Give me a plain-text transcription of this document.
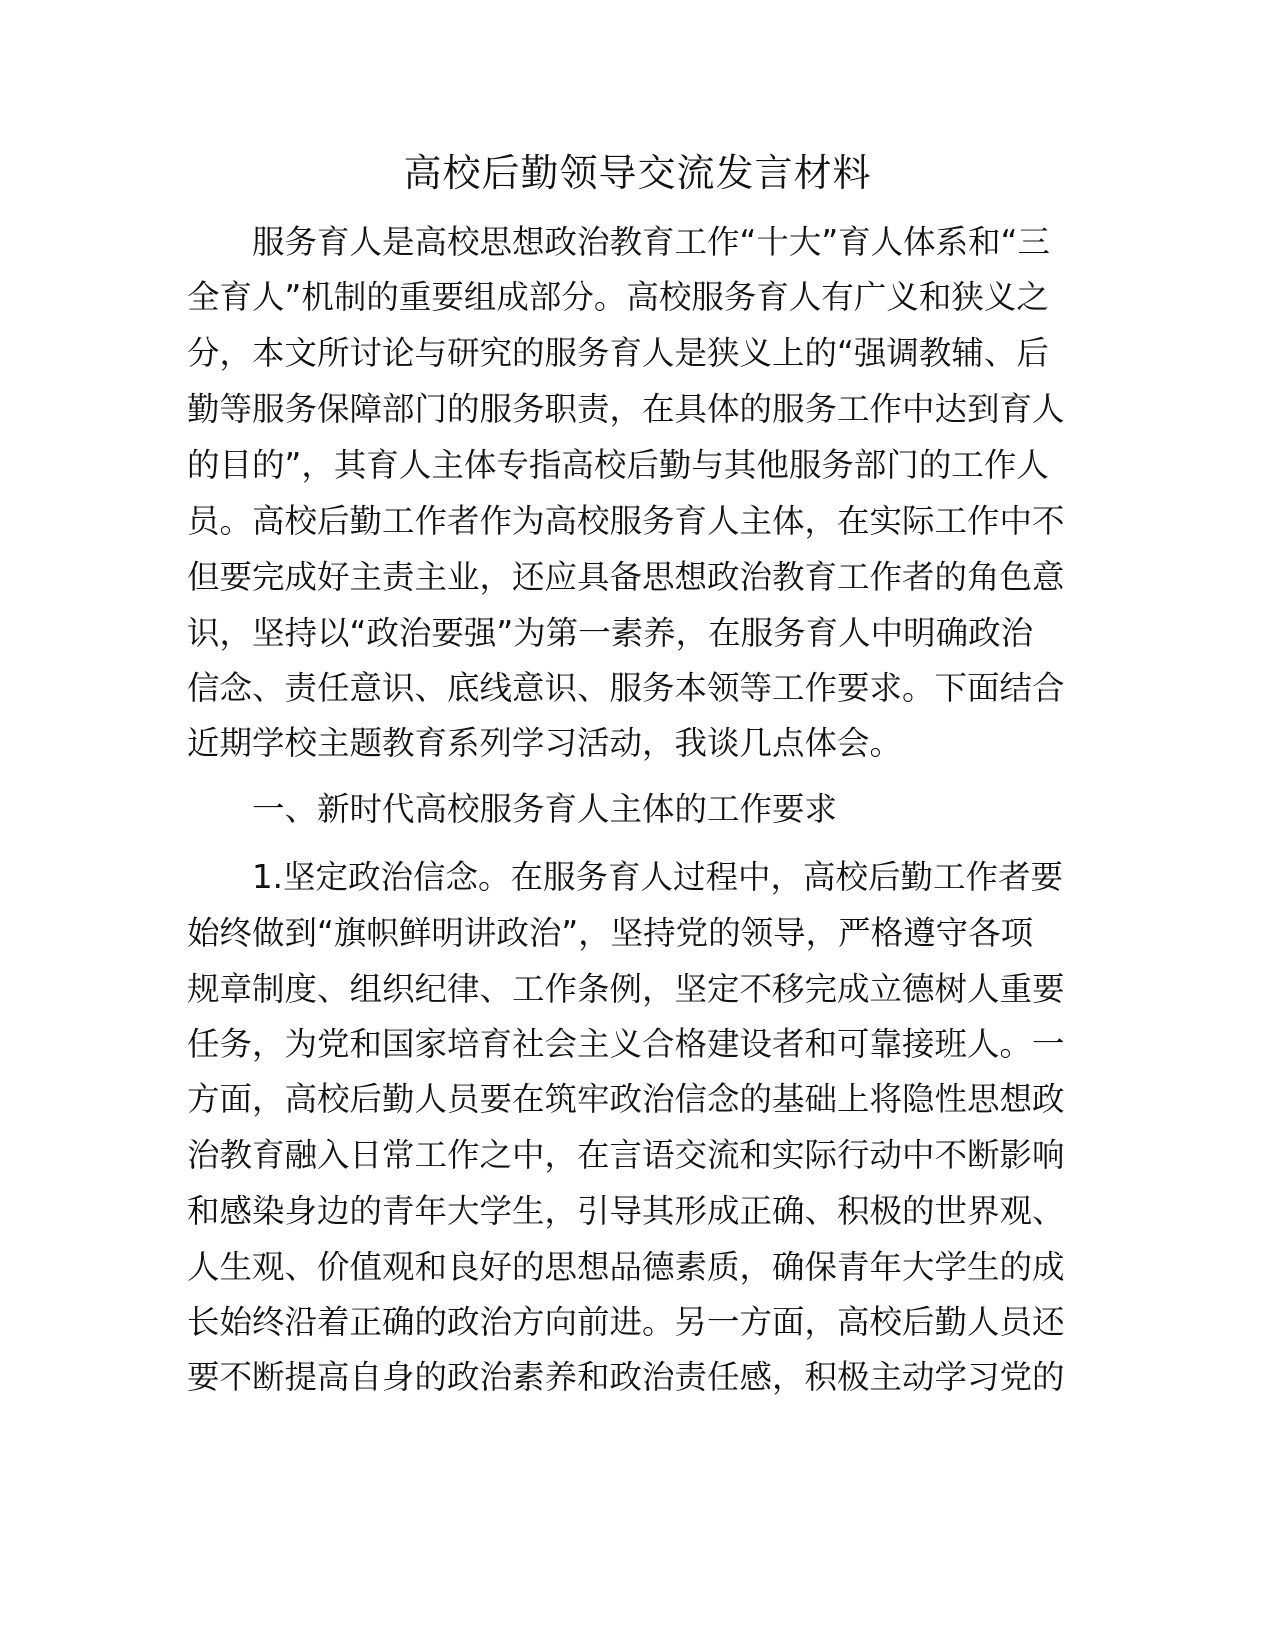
高校后勤领导交流发言材料

服务育人是高校思想政治教育工作“十大”育人体系和“三

全育人”机制的重要组成部分。高校服务育人有广义和狭义之

分，本文所讨论与研究的服务育人是狭义上的“强调教辅、后

勤等服务保障部门的服务职责，在具体的服务工作中达到育人

的目的”，其育人主体专指高校后勤与其他服务部门的工作人

员。高校后勤工作者作为高校服务育人主体，在实际工作中不

但要完成好主责主业，还应具备思想政治教育工作者的角色意

识，坚持以“政治要强”为第一素养，在服务育人中明确政治

信念、责任意识、底线意识、服务本领等工作要求。下面结合

近期学校主题教育系列学习活动，我谈几点体会。

一、新时代高校服务育人主体的工作要求

1.坚定政治信念。在服务育人过程中，高校后勤工作者要

始终做到“旗帜鲜明讲政治”，坚持党的领导，严格遵守各项

规章制度、组织纪律、工作条例，坚定不移完成立德树人重要

任务，为党和国家培育社会主义合格建设者和可靠接班人。一

方面，高校后勤人员要在筑牢政治信念的基础上将隐性思想政

治教育融入日常工作之中，在言语交流和实际行动中不断影响

和感染身边的青年大学生，引导其形成正确、积极的世界观、

人生观、价值观和良好的思想品德素质，确保青年大学生的成

长始终沿着正确的政治方向前进。另一方面，高校后勤人员还

要不断提高自身的政治素养和政治责任感，积极主动学习党的
